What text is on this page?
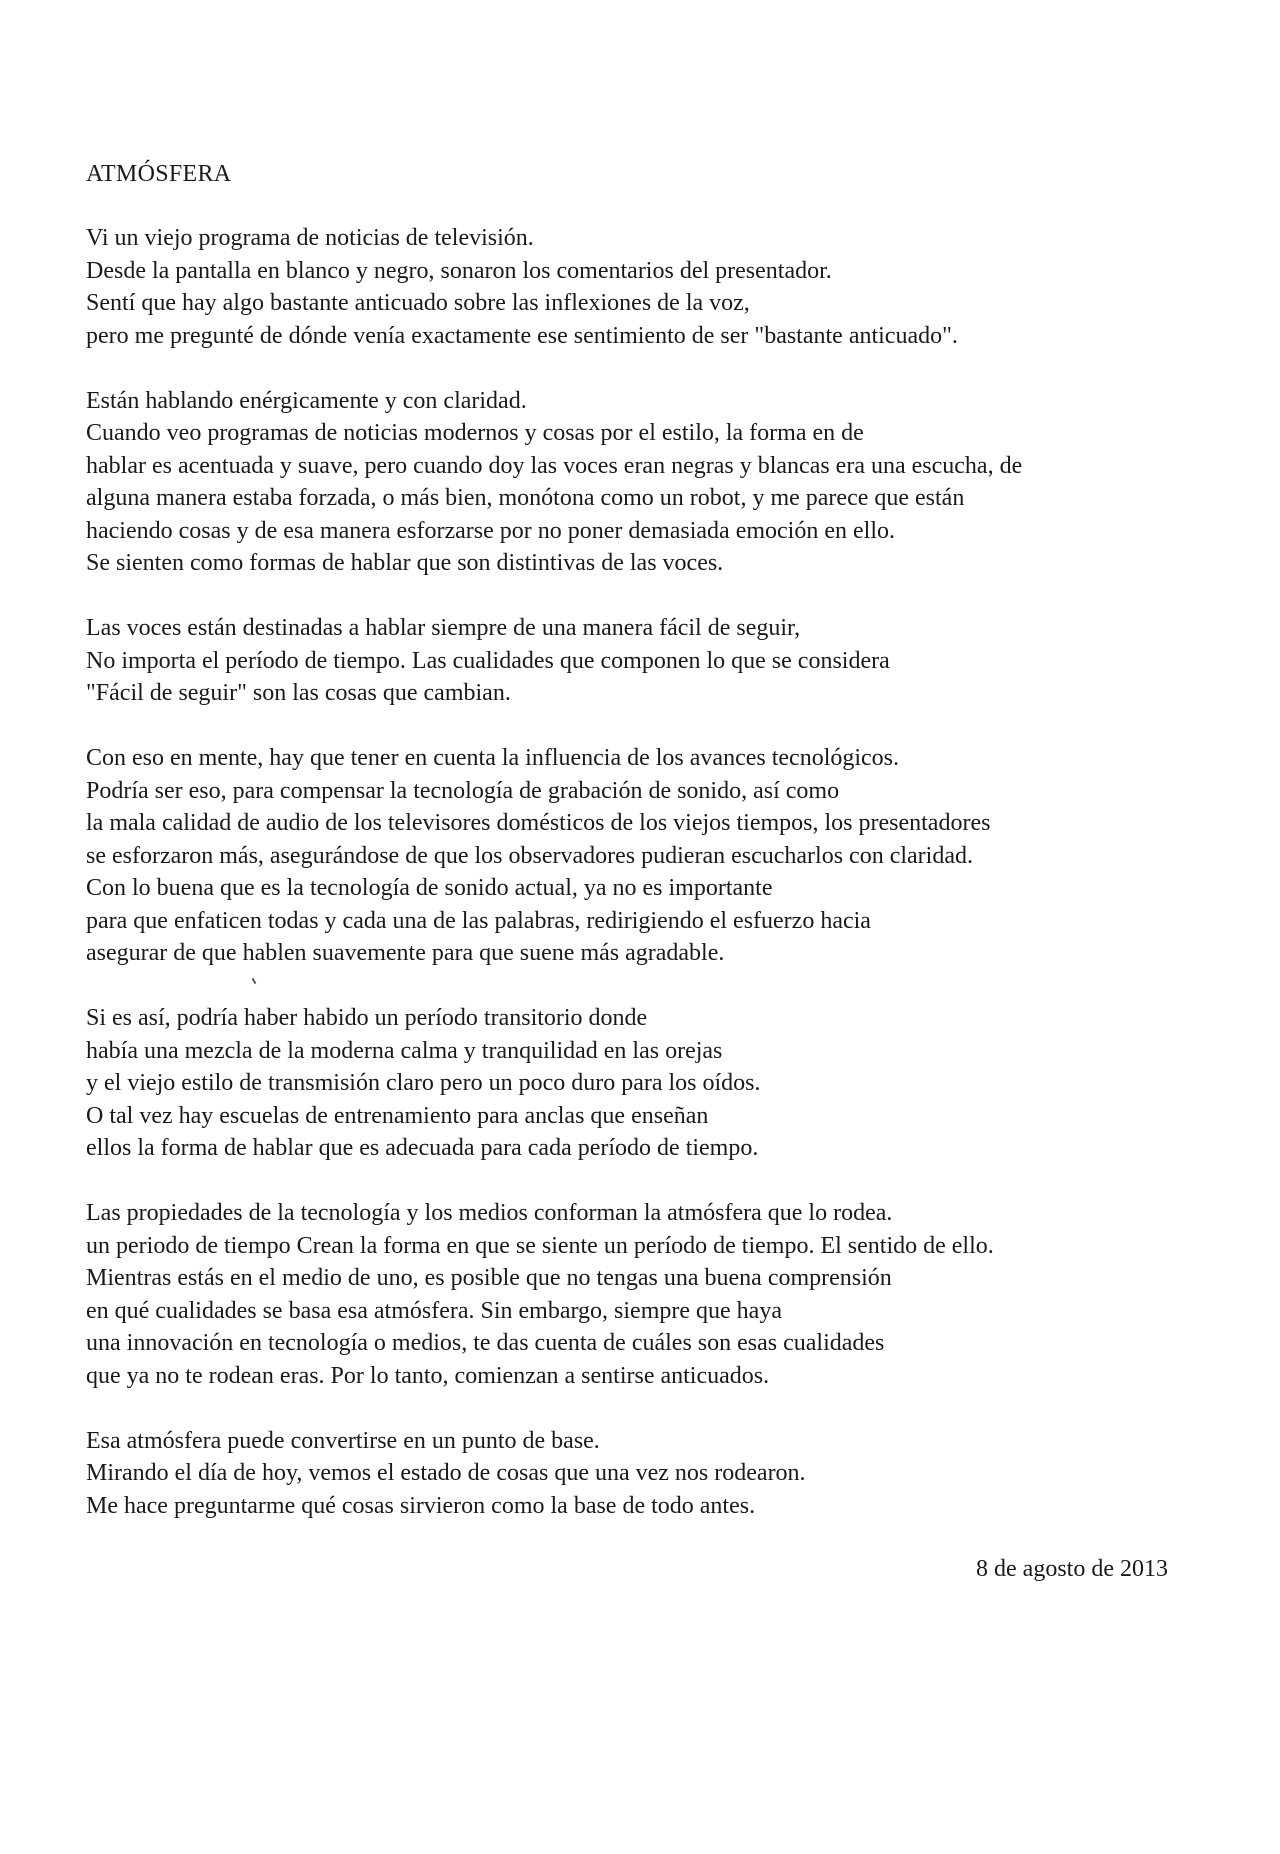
ATMÓSFERA

Vi un viejo programa de noticias de televisión.
Desde la pantalla en blanco y negro, sonaron los comentarios del presentador.
Sentí que hay algo bastante anticuado sobre las inflexiones de la voz,
pero me pregunté de dónde venía exactamente ese sentimiento de ser "bastante anticuado".

Están hablando enérgicamente y con claridad.
Cuando veo programas de noticias modernos y cosas por el estilo, la forma en de
hablar es acentuada y suave, pero cuando doy las voces eran negras y blancas era una escucha, de
alguna manera estaba forzada, o más bien, monótona como un robot, y me parece que están
haciendo cosas y de esa manera esforzarse por no poner demasiada emoción en ello.
Se sienten como formas de hablar que son distintivas de las voces.

Las voces están destinadas a hablar siempre de una manera fácil de seguir,
No importa el período de tiempo. Las cualidades que componen lo que se considera
"Fácil de seguir" son las cosas que cambian.

Con eso en mente, hay que tener en cuenta la influencia de los avances tecnológicos.
Podría ser eso, para compensar la tecnología de grabación de sonido, así como
la mala calidad de audio de los televisores domésticos de los viejos tiempos, los presentadores
se esforzaron más, asegurándose de que los observadores pudieran escucharlos con claridad.
Con lo buena que es la tecnología de sonido actual, ya no es importante
para que enfaticen todas y cada una de las palabras, redirigiendo el esfuerzo hacia
asegurar de que hablen suavemente para que suene más agradable.

Si es así, podría haber habido un período transitorio donde
había una mezcla de la moderna calma y tranquilidad en las orejas
y el viejo estilo de transmisión claro pero un poco duro para los oídos.
O tal vez hay escuelas de entrenamiento para anclas que enseñan
ellos la forma de hablar que es adecuada para cada período de tiempo.

Las propiedades de la tecnología y los medios conforman la atmósfera que lo rodea.
un periodo de tiempo Crean la forma en que se siente un período de tiempo. El sentido de ello.
Mientras estás en el medio de uno, es posible que no tengas una buena comprensión
en qué cualidades se basa esa atmósfera. Sin embargo, siempre que haya
una innovación en tecnología o medios, te das cuenta de cuáles son esas cualidades
que ya no te rodean eras. Por lo tanto, comienzan a sentirse anticuados.

Esa atmósfera puede convertirse en un punto de base.
Mirando el día de hoy, vemos el estado de cosas que una vez nos rodearon.
Me hace preguntarme qué cosas sirvieron como la base de todo antes.

8 de agosto de 2013
